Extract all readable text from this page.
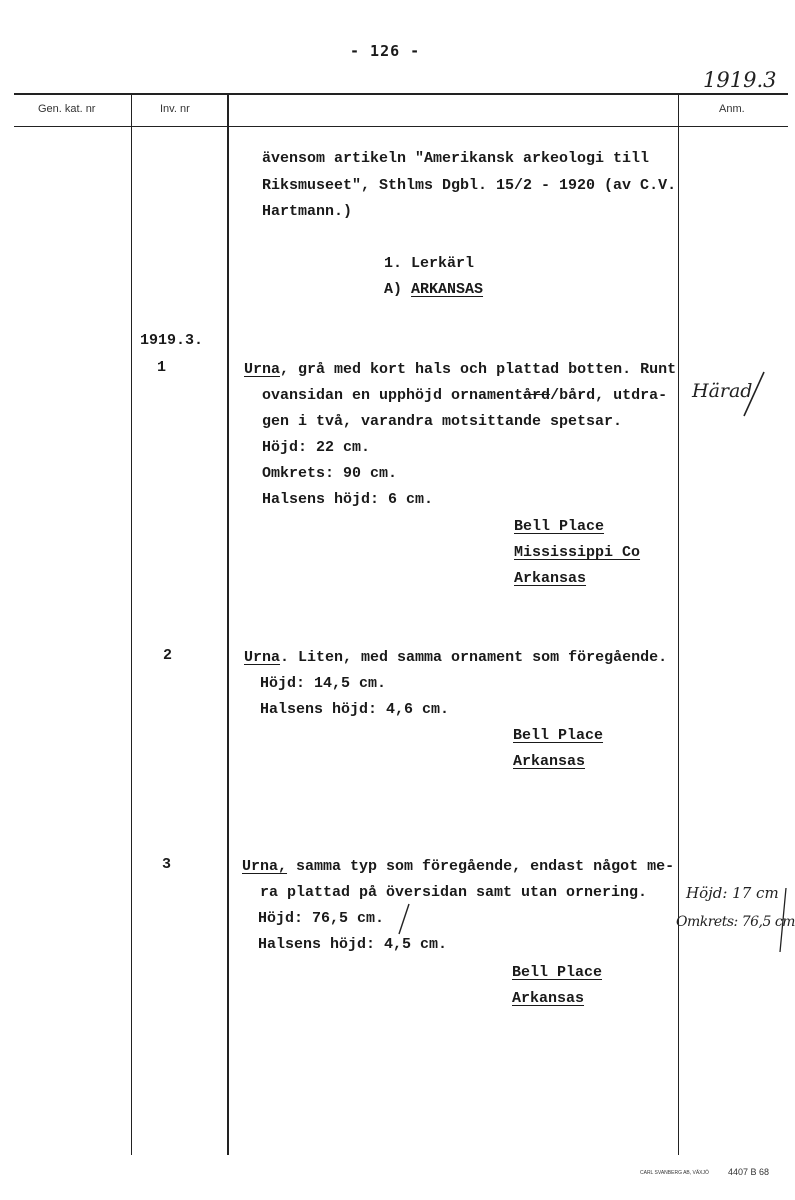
- 126 -
1919.3
Gen. kat. nr	Inv. nr	Anm.
ävensom artikeln "Amerikansk arkeologi till
Riksmuseet", Sthlms Dgbl. 15/2 - 1920 (av C.V.
Hartmann.)
1. Lerkärl
A) ARKANSAS
1919.3.
1	Urna, grå med kort hals och plattad botten. Runt
ovansidan en upphöjd ornamentård/bård, utdra-
gen i två, varandra motsittande spetsar.
Höjd: 22 cm.
Omkrets: 90 cm.
Halsens höjd: 6 cm.
Bell Place
Mississippi Co
Arkansas
Härad
2	Urna. Liten, med samma ornament som föregående.
Höjd: 14,5 cm.
Halsens höjd: 4,6 cm.
Bell Place
Arkansas
3	Urna, samma typ som föregående, endast något me-
ra plattad på översidan samt utan ornering.
Höjd: 76,5 cm.
Halsens höjd: 4,5 cm.
Bell Place
Arkansas
Höjd: 17 cm
Omkrets: 76,5 cm
CARL SVANBERG AB, VÄXJÖ 4407 B 68
